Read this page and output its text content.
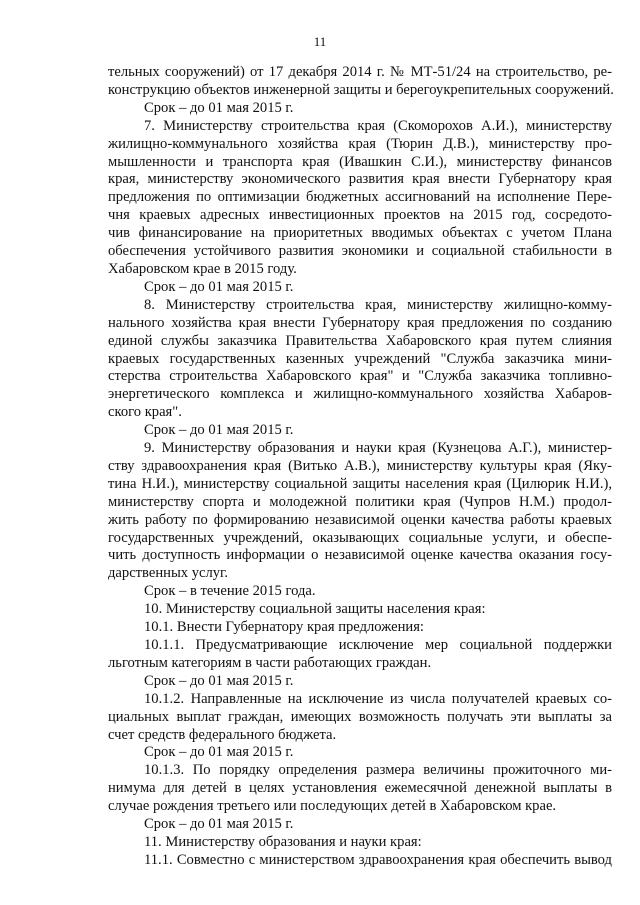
11
тельных сооружений) от 17 декабря 2014 г. № МТ-51/24 на строительство, ре-
конструкцию объектов инженерной защиты и берегоукрепительных сооружений.
Срок – до 01 мая 2015 г.
7. Министерству строительства края (Скоморохов А.И.), министерству
жилищно-коммунального хозяйства края (Тюрин Д.В.), министерству про-
мышленности и транспорта края (Ивашкин С.И.), министерству финансов
края, министерству экономического развития края внести Губернатору края
предложения по оптимизации бюджетных ассигнований на исполнение Пере-
чня краевых адресных инвестиционных проектов на 2015 год, сосредото-
чив финансирование на приоритетных вводимых объектах с учетом Плана
обеспечения устойчивого развития экономики и социальной стабильности в
Хабаровском крае в 2015 году.
Срок – до 01 мая 2015 г.
8. Министерству строительства края, министерству жилищно-комму-
нального хозяйства края внести Губернатору края предложения по созданию
единой службы заказчика Правительства Хабаровского края путем слияния
краевых государственных казенных учреждений "Служба заказчика мини-
стерства строительства Хабаровского края" и "Служба заказчика топливно-
энергетического комплекса и жилищно-коммунального хозяйства Хабаров-
ского края".
Срок – до 01 мая 2015 г.
9. Министерству образования и науки края (Кузнецова А.Г.), министер-
ству здравоохранения края (Витько А.В.), министерству культуры края (Яку-
тина Н.И.), министерству социальной защиты населения края (Цилюрик Н.И.),
министерству спорта и молодежной политики края (Чупров Н.М.) продол-
жить работу по формированию независимой оценки качества работы краевых
государственных учреждений, оказывающих социальные услуги, и обеспе-
чить доступность информации о независимой оценке качества оказания госу-
дарственных услуг.
Срок – в течение 2015 года.
10. Министерству социальной защиты населения края:
10.1. Внести Губернатору края предложения:
10.1.1. Предусматривающие исключение мер социальной поддержки
льготным категориям в части работающих граждан.
Срок – до 01 мая 2015 г.
10.1.2. Направленные на исключение из числа получателей краевых со-
циальных выплат граждан, имеющих возможность получать эти выплаты за
счет средств федерального бюджета.
Срок – до 01 мая 2015 г.
10.1.3. По порядку определения размера величины прожиточного ми-
нимума для детей в целях установления ежемесячной денежной выплаты в
случае рождения третьего или последующих детей в Хабаровском крае.
Срок – до 01 мая 2015 г.
11. Министерству образования и науки края:
11.1. Совместно с министерством здравоохранения края обеспечить вывод
